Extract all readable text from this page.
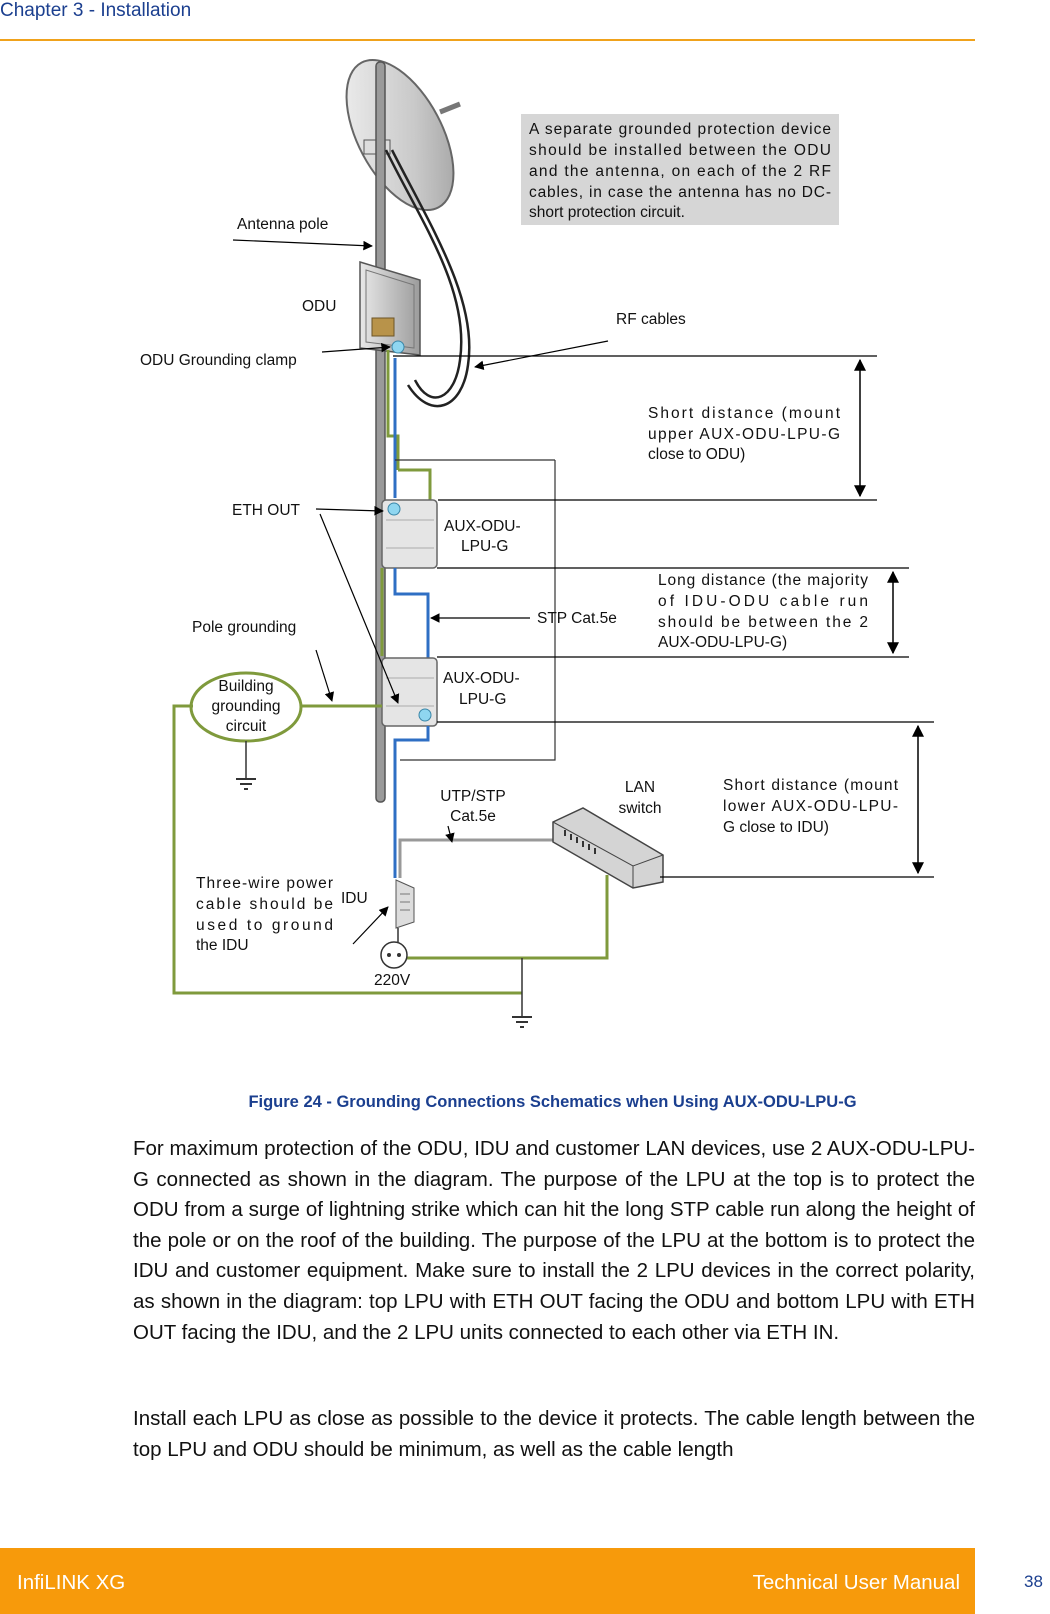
Chapter 3 - Installation
A separate grounded protection device
should be installed between the ODU
and the antenna, on each of the 2 RF
cables, in case the antenna has no DC-
short protection circuit.
Antenna pole
ODU
RF cables
ODU Grounding clamp
Short distance (mount
upper AUX-ODU-LPU-G
close to ODU)
ETH OUT
AUX-ODU-
LPU-G
Long distance (the majority
of IDU-ODU cable run
should be between the 2
AUX-ODU-LPU-G)
Pole grounding
STP Cat.5e
AUX-ODU-
LPU-G
Building
grounding
circuit
LAN
switch
Short distance (mount
lower AUX-ODU-LPU-
G close to IDU)
UTP/STP
Cat.5e
Three-wire power
cable should be
used to ground
the IDU
IDU
220V
Figure 24 - Grounding Connections Schematics when Using AUX-ODU-LPU-G

For maximum protection of the ODU, IDU and customer LAN devices, use 2 AUX-ODU-LPU-G connected as shown in the diagram. The purpose of the LPU at the top is to protect the ODU from a surge of lightning strike which can hit the long STP cable run along the height of the pole or on the roof of the building. The purpose of the LPU at the bottom is to protect the IDU and customer equipment. Make sure to install the 2 LPU devices in the correct polarity, as shown in the diagram: top LPU with ETH OUT facing the ODU and bottom LPU with ETH OUT facing the IDU, and the 2 LPU units connected to each other via ETH IN.

Install each LPU as close as possible to the device it protects. The cable length between the top LPU and ODU should be minimum, as well as the cable length

InfiLINK XG	Technical User Manual	38
